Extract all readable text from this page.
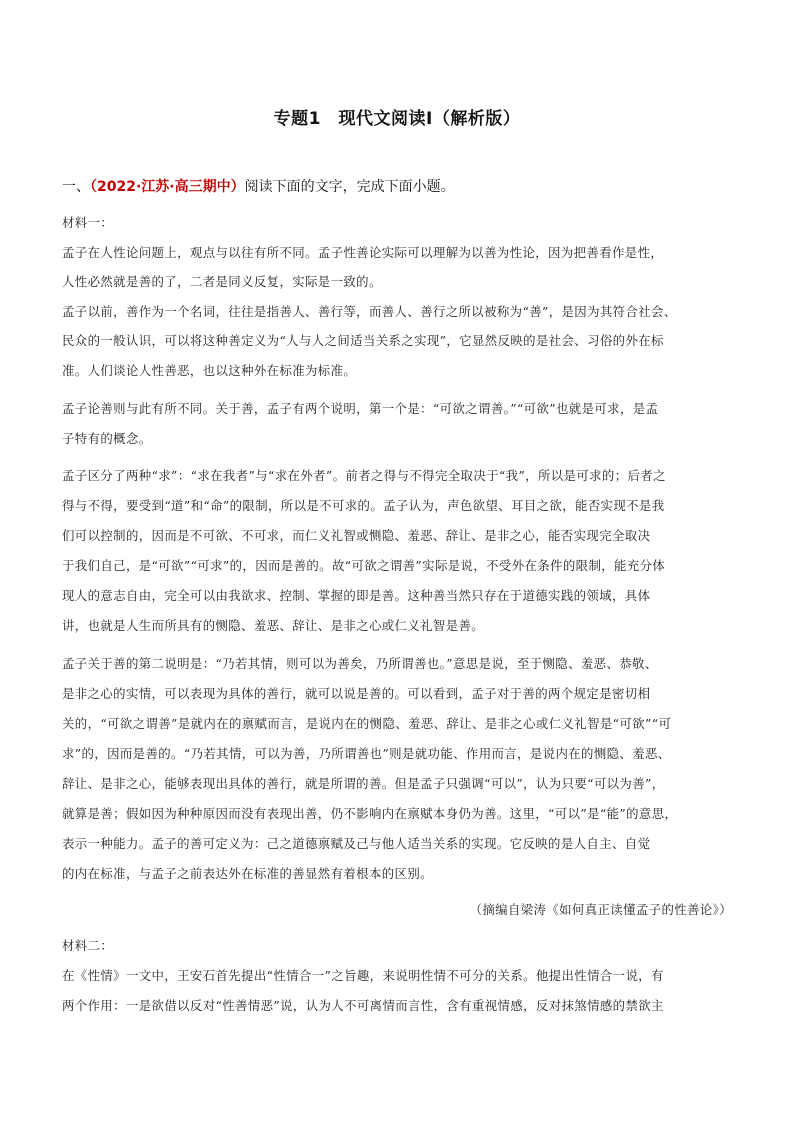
专题1　现代文阅读Ⅰ（解析版）
一、（2022·江苏·高三期中）阅读下面的文字，完成下面小题。
材料一：
孟子在人性论问题上，观点与以往有所不同。孟子性善论实际可以理解为以善为性论，因为把善看作是性，
人性必然就是善的了，二者是同义反复，实际是一致的。
孟子以前，善作为一个名词，往往是指善人、善行等，而善人、善行之所以被称为“善”，是因为其符合社会、
民众的一般认识，可以将这种善定义为“人与人之间适当关系之实现”，它显然反映的是社会、习俗的外在标
准。人们谈论人性善恶，也以这种外在标准为标准。
孟子论善则与此有所不同。关于善，孟子有两个说明，第一个是：“可欲之谓善。”“可欲”也就是可求，是孟
子特有的概念。
孟子区分了两种“求”：“求在我者”与“求在外者”。前者之得与不得完全取决于“我”，所以是可求的；后者之
得与不得，要受到“道”和“命”的限制，所以是不可求的。孟子认为，声色欲望、耳目之欲，能否实现不是我
们可以控制的，因而是不可欲、不可求，而仁义礼智或恻隐、羞恶、辞让、是非之心，能否实现完全取决
于我们自己，是“可欲”“可求”的，因而是善的。故“可欲之谓善”实际是说，不受外在条件的限制，能充分体
现人的意志自由，完全可以由我欲求、控制、掌握的即是善。这种善当然只存在于道德实践的领域，具体
讲，也就是人生而所具有的恻隐、羞恶、辞让、是非之心或仁义礼智是善。
孟子关于善的第二说明是：“乃若其情，则可以为善矣，乃所谓善也。”意思是说，至于恻隐、羞恶、恭敬、
是非之心的实情，可以表现为具体的善行，就可以说是善的。可以看到，孟子对于善的两个规定是密切相
关的，“可欲之谓善”是就内在的禀赋而言，是说内在的恻隐、羞恶、辞让、是非之心或仁义礼智是“可欲”“可
求”的，因而是善的。“乃若其情，可以为善，乃所谓善也”则是就功能、作用而言，是说内在的恻隐、羞恶、
辞让、是非之心，能够表现出具体的善行，就是所谓的善。但是孟子只强调“可以”，认为只要“可以为善”，
就算是善；假如因为种种原因而没有表现出善，仍不影响内在禀赋本身仍为善。这里，“可以”是“能”的意思，
表示一种能力。孟子的善可定义为：己之道德禀赋及己与他人适当关系的实现。它反映的是人自主、自觉
的内在标准，与孟子之前表达外在标准的善显然有着根本的区别。
（摘编自梁涛《如何真正读懂孟子的性善论》）
材料二：
在《性情》一文中，王安石首先提出“性情合一”之旨趣，来说明性情不可分的关系。他提出性情合一说，有
两个作用：一是欲借以反对“性善情恶”说，认为人不可离情而言性，含有重视情感，反对抹煞情感的禁欲主
